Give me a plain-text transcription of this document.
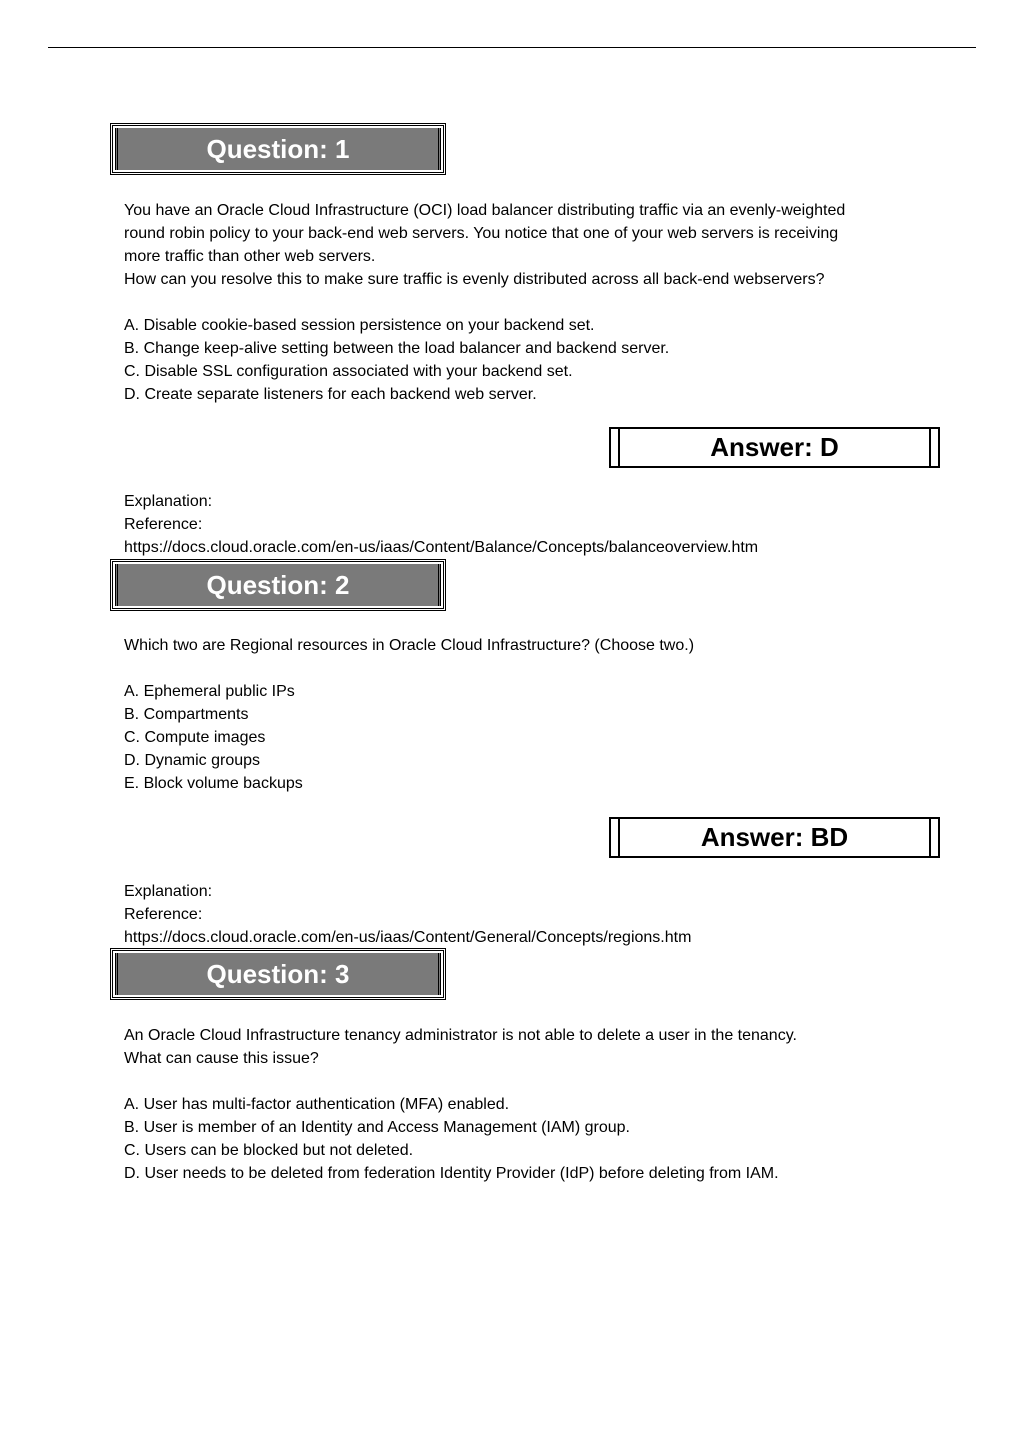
Question: 1

You have an Oracle Cloud Infrastructure (OCI) load balancer distributing traffic via an evenly-weighted

round robin policy to your back-end web servers. You notice that one of your web servers is receiving

more traffic than other web servers.

How can you resolve this to make sure traffic is evenly distributed across all back-end webservers?

A. Disable cookie-based session persistence on your backend set.

B. Change keep-alive setting between the load balancer and backend server.

C. Disable SSL configuration associated with your backend set.

D. Create separate listeners for each backend web server.

Answer: D

Explanation:

Reference:

https://docs.cloud.oracle.com/en-us/iaas/Content/Balance/Concepts/balanceoverview.htm

Question: 2

Which two are Regional resources in Oracle Cloud Infrastructure? (Choose two.)

A. Ephemeral public IPs

B. Compartments

C. Compute images

D. Dynamic groups

E. Block volume backups

Answer: BD

Explanation:

Reference:

https://docs.cloud.oracle.com/en-us/iaas/Content/General/Concepts/regions.htm

Question: 3

An Oracle Cloud Infrastructure tenancy administrator is not able to delete a user in the tenancy.

What can cause this issue?

A. User has multi-factor authentication (MFA) enabled.

B. User is member of an Identity and Access Management (IAM) group.

C. Users can be blocked but not deleted.

D. User needs to be deleted from federation Identity Provider (IdP) before deleting from IAM.
